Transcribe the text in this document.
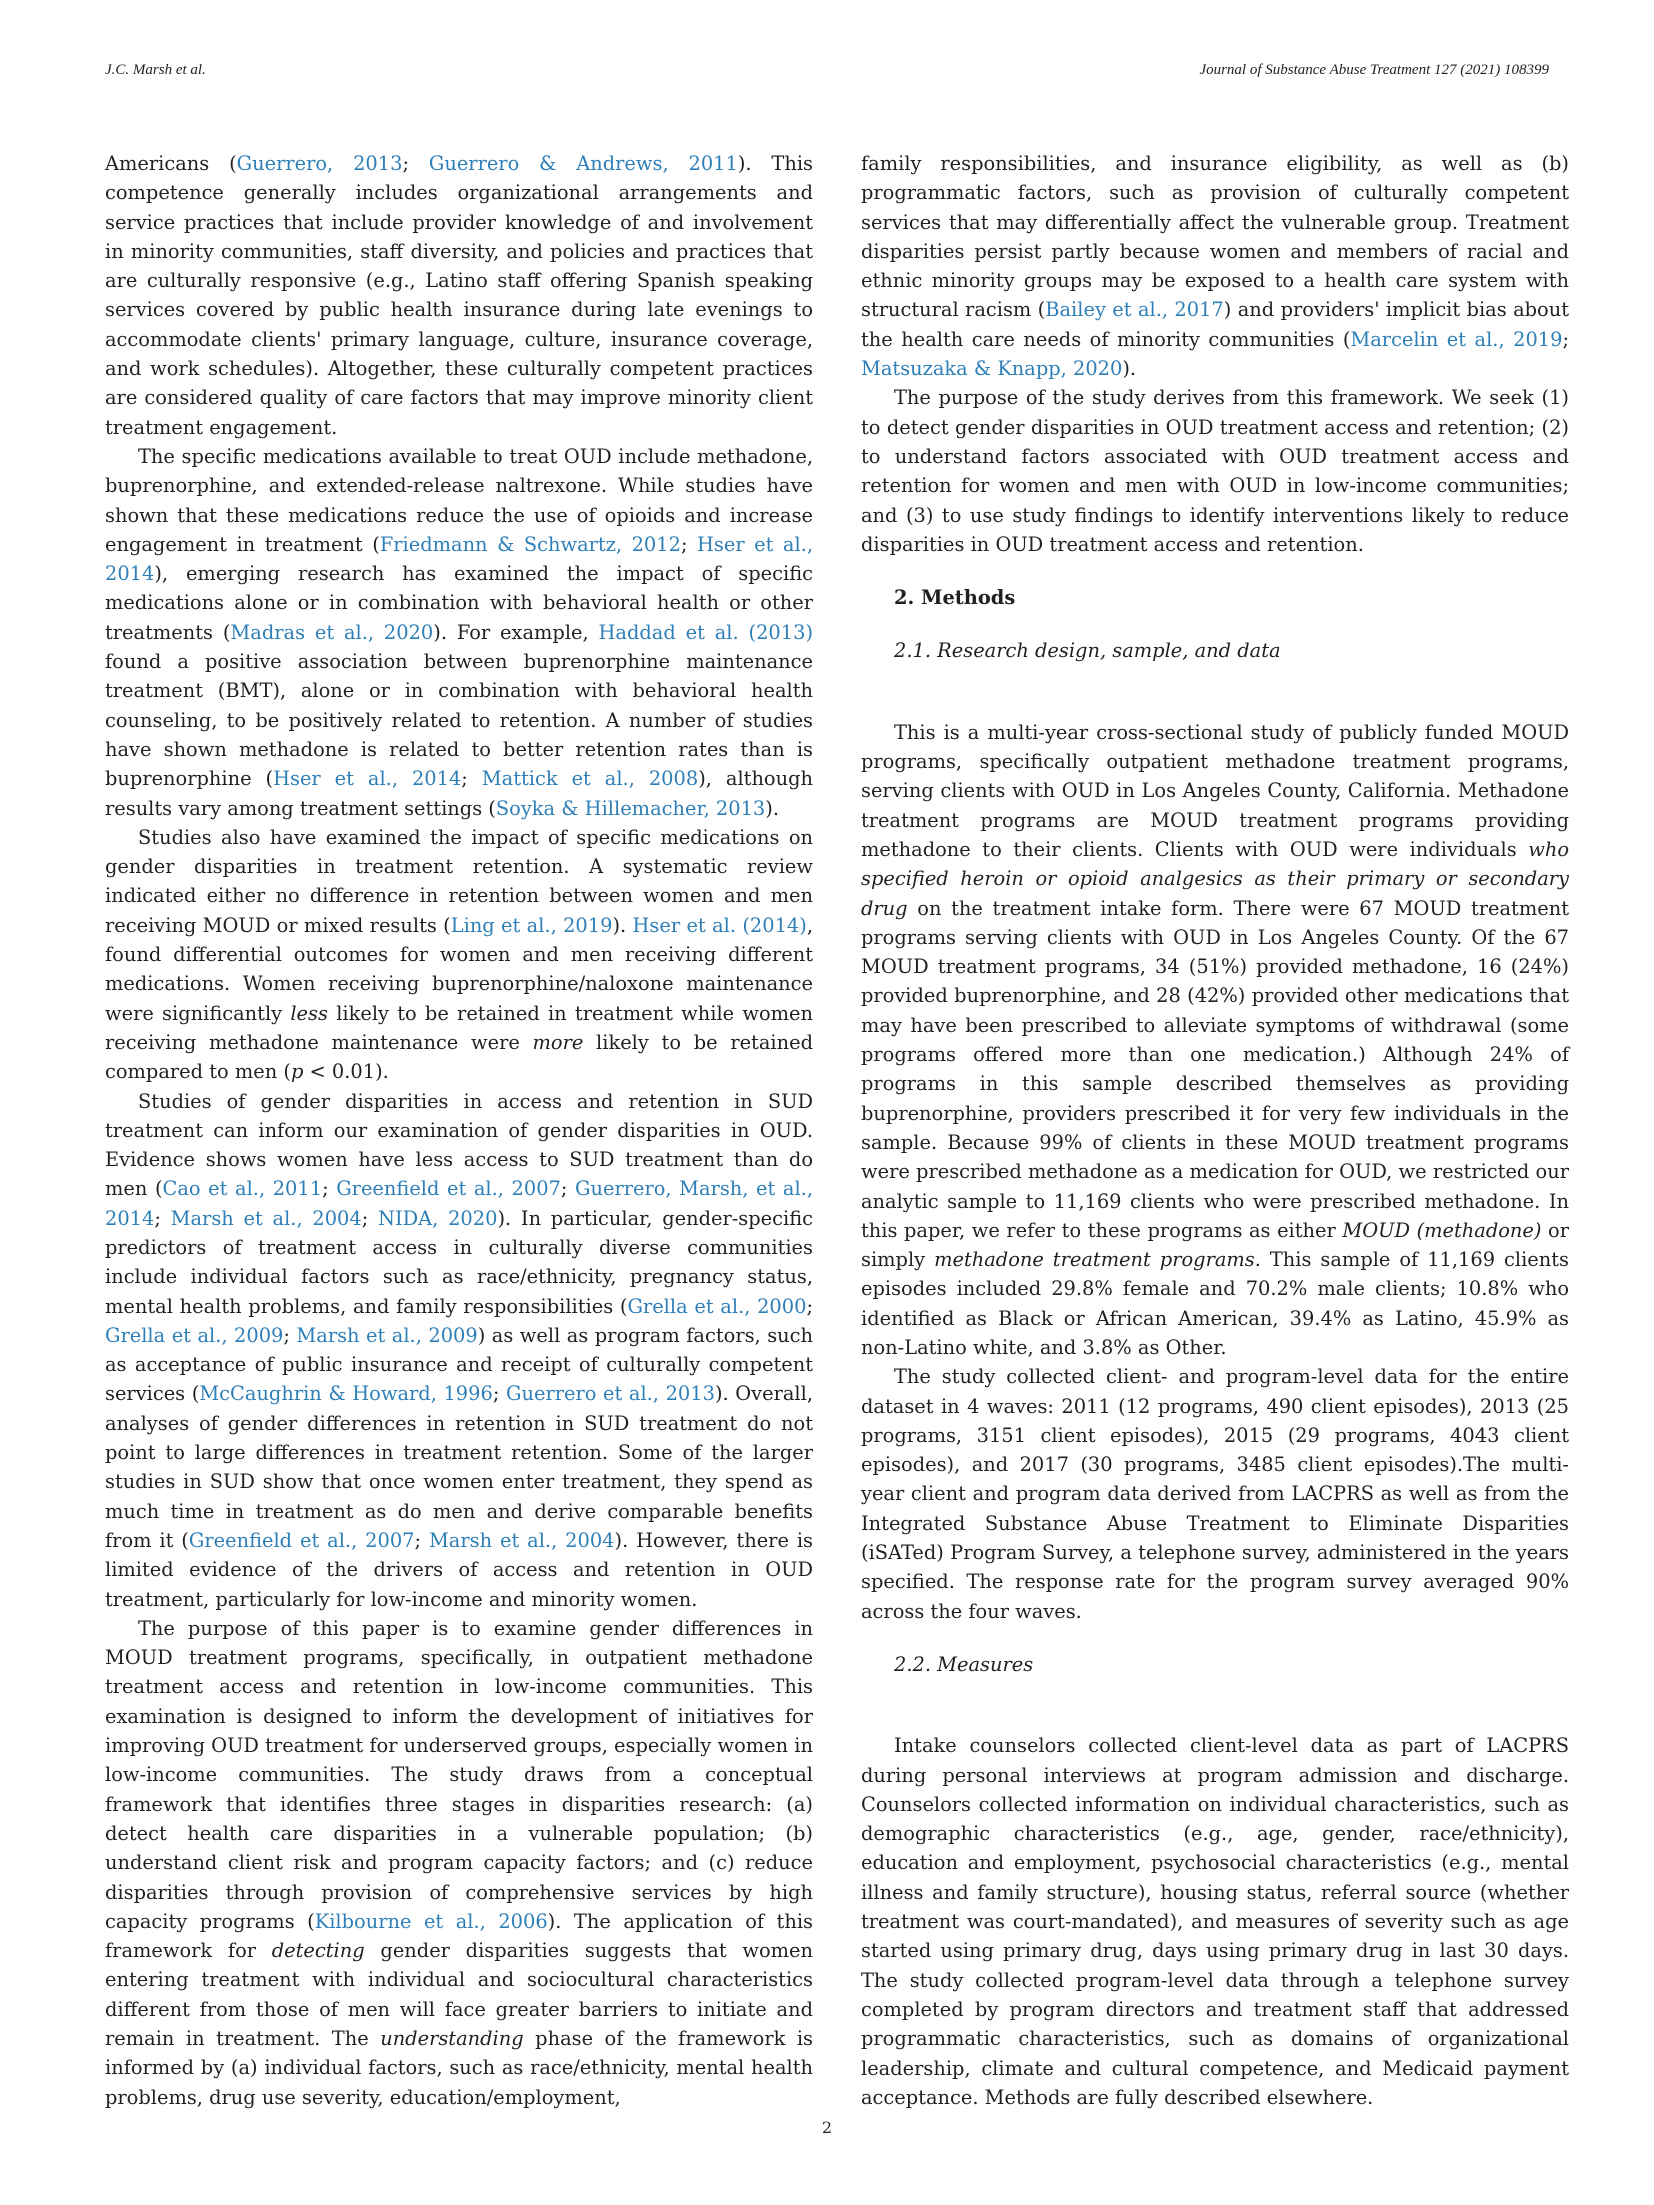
J.C. Marsh et al.	Journal of Substance Abuse Treatment 127 (2021) 108399

Americans (Guerrero, 2013; Guerrero & Andrews, 2011). This competence generally includes organizational arrangements and service practices that include provider knowledge of and involvement in minority communities, staff diversity, and policies and practices that are culturally responsive (e.g., Latino staff offering Spanish speaking services covered by public health insurance during late evenings to accommodate clients' primary language, culture, insurance coverage, and work schedules). Altogether, these culturally competent practices are considered quality of care factors that may improve minority client treatment engagement.

The specific medications available to treat OUD include methadone, buprenorphine, and extended-release naltrexone. While studies have shown that these medications reduce the use of opioids and increase engagement in treatment (Friedmann & Schwartz, 2012; Hser et al., 2014), emerging research has examined the impact of specific medications alone or in combination with behavioral health or other treatments (Madras et al., 2020). For example, Haddad et al. (2013) found a positive association between buprenorphine maintenance treatment (BMT), alone or in combination with behavioral health counseling, to be positively related to retention. A number of studies have shown methadone is related to better retention rates than is buprenorphine (Hser et al., 2014; Mattick et al., 2008), although results vary among treatment settings (Soyka & Hillemacher, 2013).

Studies also have examined the impact of specific medications on gender disparities in treatment retention. A systematic review indicated either no difference in retention between women and men receiving MOUD or mixed results (Ling et al., 2019). Hser et al. (2014), found differential outcomes for women and men receiving different medications. Women receiving buprenorphine/naloxone maintenance were significantly less likely to be retained in treatment while women receiving methadone maintenance were more likely to be retained compared to men (p < 0.01).

Studies of gender disparities in access and retention in SUD treatment can inform our examination of gender disparities in OUD. Evidence shows women have less access to SUD treatment than do men (Cao et al., 2011; Greenfield et al., 2007; Guerrero, Marsh, et al., 2014; Marsh et al., 2004; NIDA, 2020). In particular, gender-specific predictors of treatment access in culturally diverse communities include individual factors such as race/ethnicity, pregnancy status, mental health problems, and family responsibilities (Grella et al., 2000; Grella et al., 2009; Marsh et al., 2009) as well as program factors, such as acceptance of public insurance and receipt of culturally competent services (McCaughrin & Howard, 1996; Guerrero et al., 2013). Overall, analyses of gender differences in retention in SUD treatment do not point to large differences in treatment retention. Some of the larger studies in SUD show that once women enter treatment, they spend as much time in treatment as do men and derive comparable benefits from it (Greenfield et al., 2007; Marsh et al., 2004). However, there is limited evidence of the drivers of access and retention in OUD treatment, particularly for low-income and minority women.

The purpose of this paper is to examine gender differences in MOUD treatment programs, specifically, in outpatient methadone treatment access and retention in low-income communities. This examination is designed to inform the development of initiatives for improving OUD treatment for underserved groups, especially women in low-income communities. The study draws from a conceptual framework that identifies three stages in disparities research: (a) detect health care disparities in a vulnerable population; (b) understand client risk and program capacity factors; and (c) reduce disparities through provision of comprehensive services by high capacity programs (Kilbourne et al., 2006). The application of this framework for detecting gender disparities suggests that women entering treatment with individual and sociocultural characteristics different from those of men will face greater barriers to initiate and remain in treatment. The understanding phase of the framework is informed by (a) individual factors, such as race/ethnicity, mental health problems, drug use severity, education/employment,

family responsibilities, and insurance eligibility, as well as (b) programmatic factors, such as provision of culturally competent services that may differentially affect the vulnerable group. Treatment disparities persist partly because women and members of racial and ethnic minority groups may be exposed to a health care system with structural racism (Bailey et al., 2017) and providers' implicit bias about the health care needs of minority communities (Marcelin et al., 2019; Matsuzaka & Knapp, 2020).

The purpose of the study derives from this framework. We seek (1) to detect gender disparities in OUD treatment access and retention; (2) to understand factors associated with OUD treatment access and retention for women and men with OUD in low-income communities; and (3) to use study findings to identify interventions likely to reduce disparities in OUD treatment access and retention.

2. Methods

2.1. Research design, sample, and data

This is a multi-year cross-sectional study of publicly funded MOUD programs, specifically outpatient methadone treatment programs, serving clients with OUD in Los Angeles County, California. Methadone treatment programs are MOUD treatment programs providing methadone to their clients. Clients with OUD were individuals who specified heroin or opioid analgesics as their primary or secondary drug on the treatment intake form. There were 67 MOUD treatment programs serving clients with OUD in Los Angeles County. Of the 67 MOUD treatment programs, 34 (51%) provided methadone, 16 (24%) provided buprenorphine, and 28 (42%) provided other medications that may have been prescribed to alleviate symptoms of withdrawal (some programs offered more than one medication.) Although 24% of programs in this sample described themselves as providing buprenorphine, providers prescribed it for very few individuals in the sample. Because 99% of clients in these MOUD treatment programs were prescribed methadone as a medication for OUD, we restricted our analytic sample to 11,169 clients who were prescribed methadone. In this paper, we refer to these programs as either MOUD (methadone) or simply methadone treatment programs. This sample of 11,169 clients episodes included 29.8% female and 70.2% male clients; 10.8% who identified as Black or African American, 39.4% as Latino, 45.9% as non-Latino white, and 3.8% as Other.

The study collected client- and program-level data for the entire dataset in 4 waves: 2011 (12 programs, 490 client episodes), 2013 (25 programs, 3151 client episodes), 2015 (29 programs, 4043 client episodes), and 2017 (30 programs, 3485 client episodes).The multi-year client and program data derived from LACPRS as well as from the Integrated Substance Abuse Treatment to Eliminate Disparities (iSATed) Program Survey, a telephone survey, administered in the years specified. The response rate for the program survey averaged 90% across the four waves.

2.2. Measures

Intake counselors collected client-level data as part of LACPRS during personal interviews at program admission and discharge. Counselors collected information on individual characteristics, such as demographic characteristics (e.g., age, gender, race/ethnicity), education and employment, psychosocial characteristics (e.g., mental illness and family structure), housing status, referral source (whether treatment was court-mandated), and measures of severity such as age started using primary drug, days using primary drug in last 30 days. The study collected program-level data through a telephone survey completed by program directors and treatment staff that addressed programmatic characteristics, such as domains of organizational leadership, climate and cultural competence, and Medicaid payment acceptance. Methods are fully described elsewhere.

2
